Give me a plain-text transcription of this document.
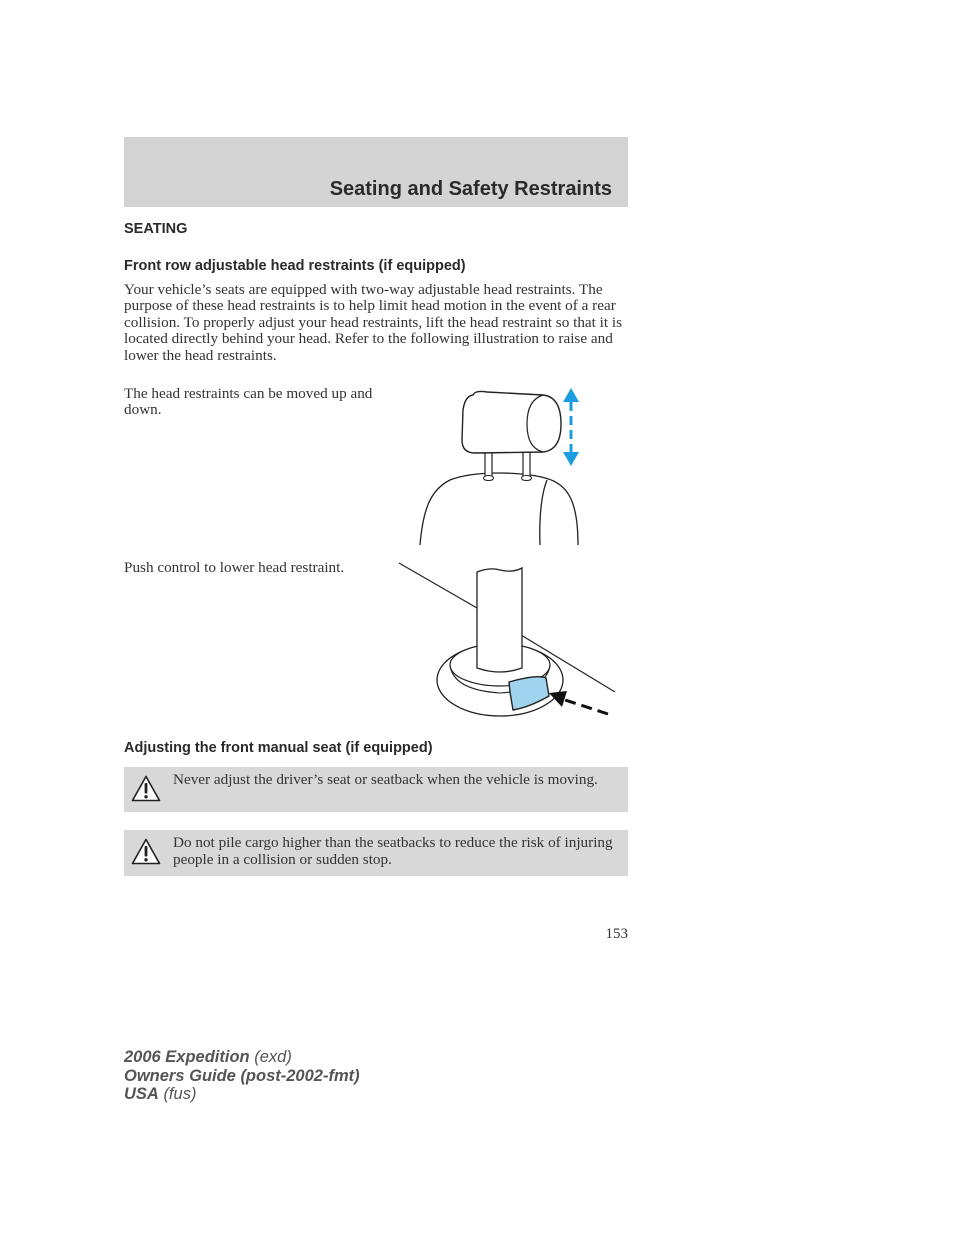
Seating and Safety Restraints
SEATING
Front row adjustable head restraints (if equipped)

Your vehicle’s seats are equipped with two-way adjustable head restraints. The purpose of these head restraints is to help limit head motion in the event of a rear collision. To properly adjust your head restraints, lift the head restraint so that it is located directly behind your head. Refer to the following illustration to raise and lower the head restraints.

The head restraints can be moved up and down.

Push control to lower head restraint.

Adjusting the front manual seat (if equipped)

Never adjust the driver’s seat or seatback when the vehicle is moving.

Do not pile cargo higher than the seatbacks to reduce the risk of injuring people in a collision or sudden stop.

153
2006 Expedition (exd)
Owners Guide (post-2002-fmt)
USA (fus)
